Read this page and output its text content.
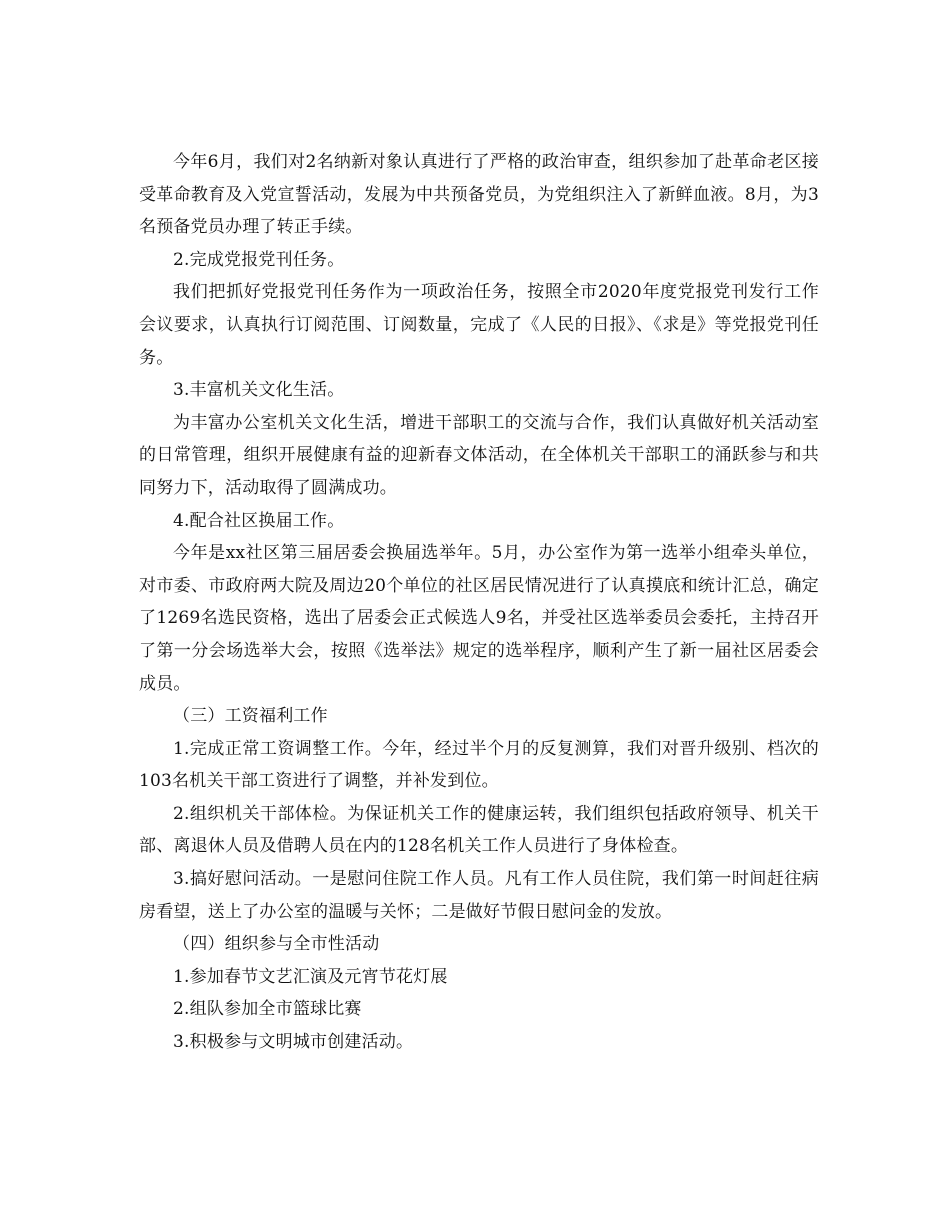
今年6月，我们对2名纳新对象认真进行了严格的政治审查，组织参加了赴革命老区接受革命教育及入党宣誓活动，发展为中共预备党员，为党组织注入了新鲜血液。8月，为3名预备党员办理了转正手续。

2.完成党报党刊任务。

我们把抓好党报党刊任务作为一项政治任务，按照全市2020年度党报党刊发行工作会议要求，认真执行订阅范围、订阅数量，完成了《人民的日报》、《求是》等党报党刊任务。

3.丰富机关文化生活。

为丰富办公室机关文化生活，增进干部职工的交流与合作，我们认真做好机关活动室的日常管理，组织开展健康有益的迎新春文体活动，在全体机关干部职工的涌跃参与和共同努力下，活动取得了圆满成功。

4.配合社区换届工作。

今年是xx社区第三届居委会换届选举年。5月，办公室作为第一选举小组牵头单位，对市委、市政府两大院及周边20个单位的社区居民情况进行了认真摸底和统计汇总，确定了1269名选民资格，选出了居委会正式候选人9名，并受社区选举委员会委托，主持召开了第一分会场选举大会，按照《选举法》规定的选举程序，顺利产生了新一届社区居委会成员。

（三）工资福利工作

1.完成正常工资调整工作。今年，经过半个月的反复测算，我们对晋升级别、档次的103名机关干部工资进行了调整，并补发到位。

2.组织机关干部体检。为保证机关工作的健康运转，我们组织包括政府领导、机关干部、离退休人员及借聘人员在内的128名机关工作人员进行了身体检查。

3.搞好慰问活动。一是慰问住院工作人员。凡有工作人员住院，我们第一时间赶往病房看望，送上了办公室的温暖与关怀；二是做好节假日慰问金的发放。

（四）组织参与全市性活动

1.参加春节文艺汇演及元宵节花灯展

2.组队参加全市篮球比赛

3.积极参与文明城市创建活动。
